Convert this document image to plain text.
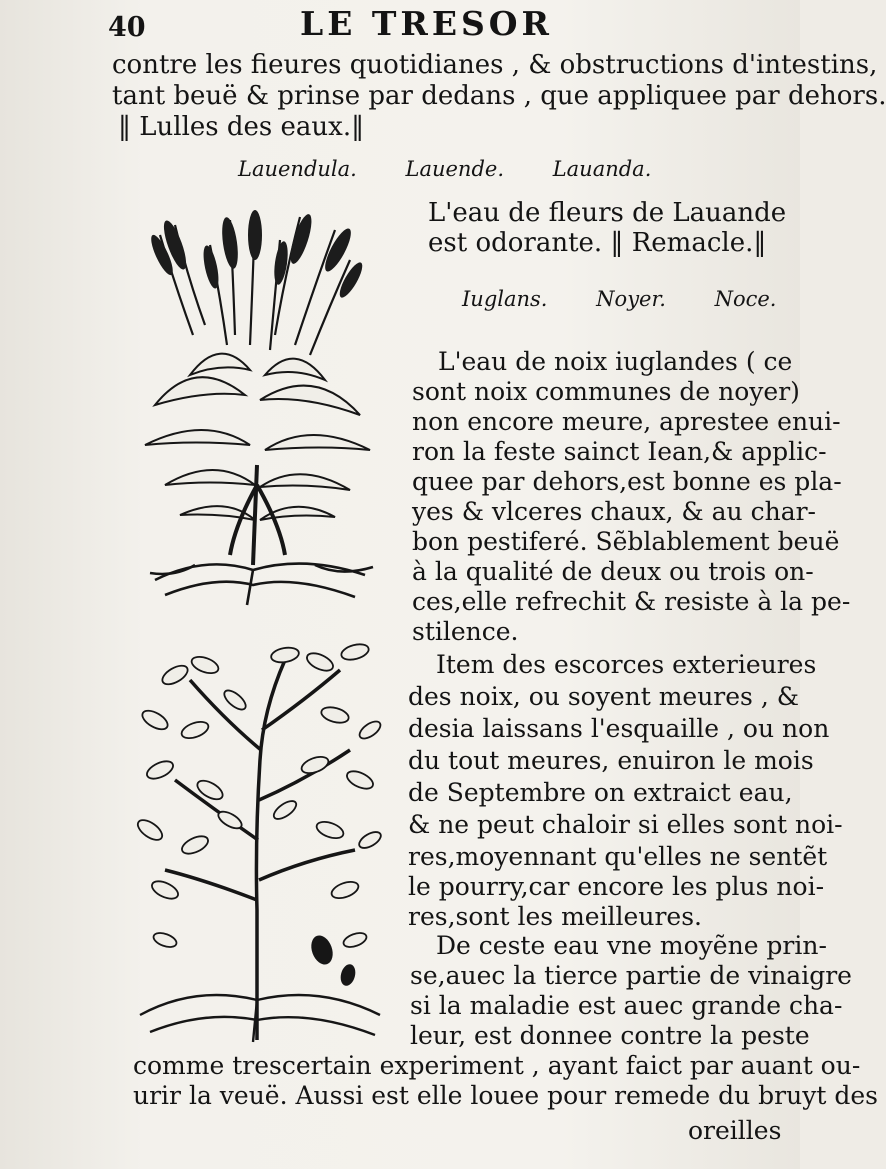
40	LE TRESOR
contre les fieures quotidianes , & obstructions d'intestins,
tant beuë & prinse par dedans , que appliquee par dehors.
‖ Lulles des eaux.‖
Lauendula. Lauende. Lauanda.
L'eau de fleurs de Lauande
est odorante. ‖ Remacle.‖
Iuglans. Noyer. Noce.
L'eau de noix iuglandes ( ce
sont noix communes de noyer)
non encore meure, aprestee enui-
ron la feste sainct Iean,& applic-
quee par dehors,est bonne es pla-
yes & vlceres chaux, & au char-
bon pestiferé. Sẽblablement beuë
à la qualité de deux ou trois on-
ces,elle refrechit & resiste à la pe-
stilence.
Item des escorces exterieures
des noix, ou soyent meures , &
desia laissans l'esquaille , ou non
du tout meures, enuiron le mois
de Septembre on extraict eau,
& ne peut chaloir si elles sont noi-
res,moyennant qu'elles ne sentẽt
le pourry,car encore les plus noi-
res,sont les meilleures.
De ceste eau vne moyẽne prin-
se,auec la tierce partie de vinaigre
si la maladie est auec grande cha-
leur, est donnee contre la peste
comme trescertain experiment , ayant faict par auant ou-
urir la veuë. Aussi est elle louee pour remede du bruyt des
oreilles
